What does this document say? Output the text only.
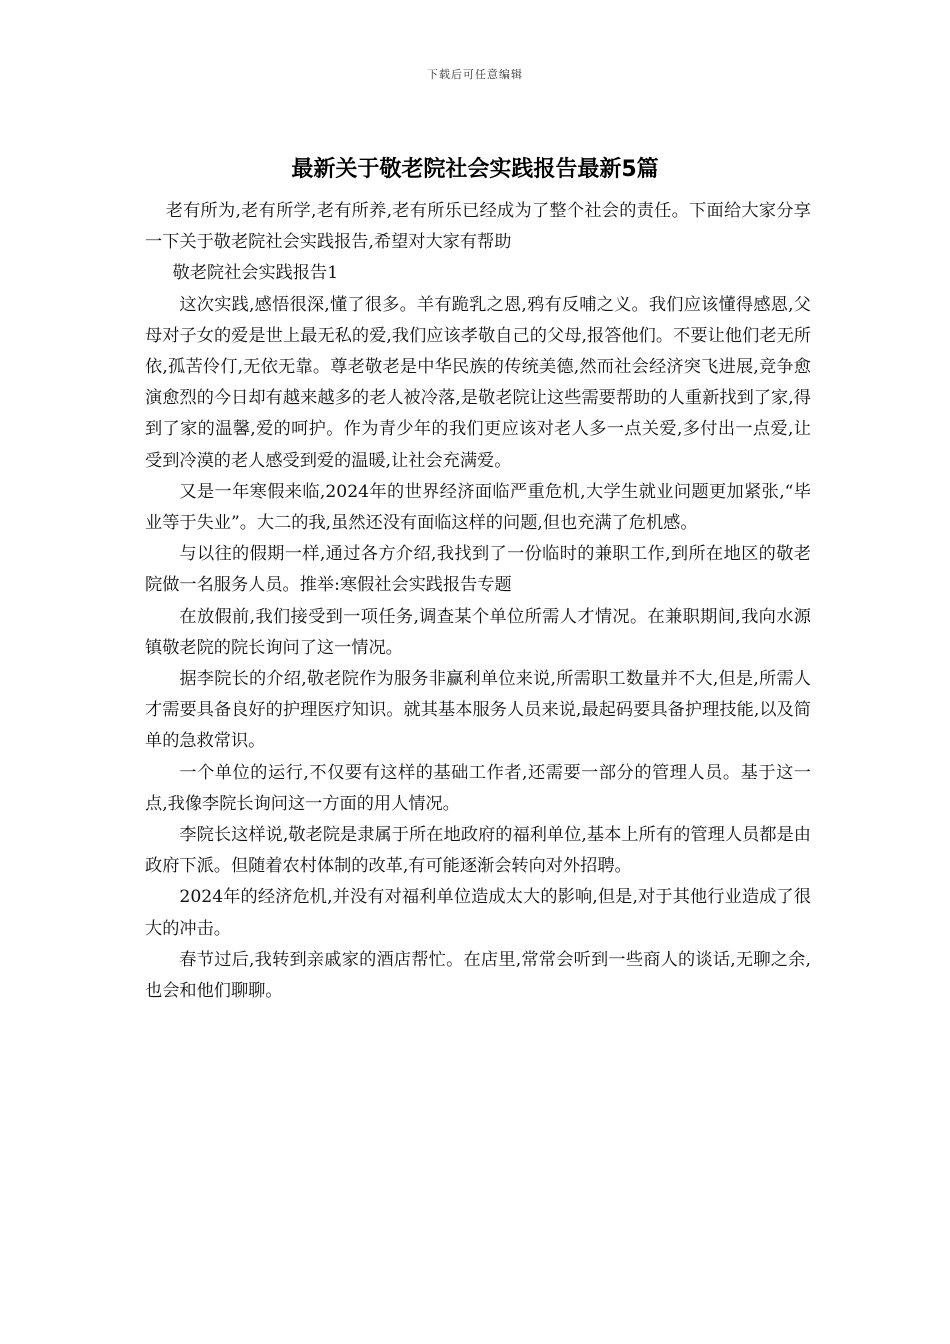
下载后可任意编辑
最新关于敬老院社会实践报告最新5篇

老有所为,老有所学,老有所养,老有所乐已经成为了整个社会的责任。下面给大家分享一下关于敬老院社会实践报告,希望对大家有帮助

敬老院社会实践报告1

这次实践,感悟很深,懂了很多。羊有跪乳之恩,鸦有反哺之义。我们应该懂得感恩,父母对子女的爱是世上最无私的爱,我们应该孝敬自己的父母,报答他们。不要让他们老无所依,孤苦伶仃,无依无靠。尊老敬老是中华民族的传统美德,然而社会经济突飞进展,竞争愈演愈烈的今日却有越来越多的老人被冷落,是敬老院让这些需要帮助的人重新找到了家,得到了家的温馨,爱的呵护。作为青少年的我们更应该对老人多一点关爱,多付出一点爱,让受到冷漠的老人感受到爱的温暖,让社会充满爱。

又是一年寒假来临,2024年的世界经济面临严重危机,大学生就业问题更加紧张,“毕业等于失业”。大二的我,虽然还没有面临这样的问题,但也充满了危机感。

与以往的假期一样,通过各方介绍,我找到了一份临时的兼职工作,到所在地区的敬老院做一名服务人员。推举:寒假社会实践报告专题

在放假前,我们接受到一项任务,调查某个单位所需人才情况。在兼职期间,我向水源镇敬老院的院长询问了这一情况。

据李院长的介绍,敬老院作为服务非赢利单位来说,所需职工数量并不大,但是,所需人才需要具备良好的护理医疗知识。就其基本服务人员来说,最起码要具备护理技能,以及简单的急救常识。

一个单位的运行,不仅要有这样的基础工作者,还需要一部分的管理人员。基于这一点,我像李院长询问这一方面的用人情况。

李院长这样说,敬老院是隶属于所在地政府的福利单位,基本上所有的管理人员都是由政府下派。但随着农村体制的改革,有可能逐渐会转向对外招聘。

2024年的经济危机,并没有对福利单位造成太大的影响,但是,对于其他行业造成了很大的冲击。

春节过后,我转到亲戚家的酒店帮忙。在店里,常常会听到一些商人的谈话,无聊之余,也会和他们聊聊。
